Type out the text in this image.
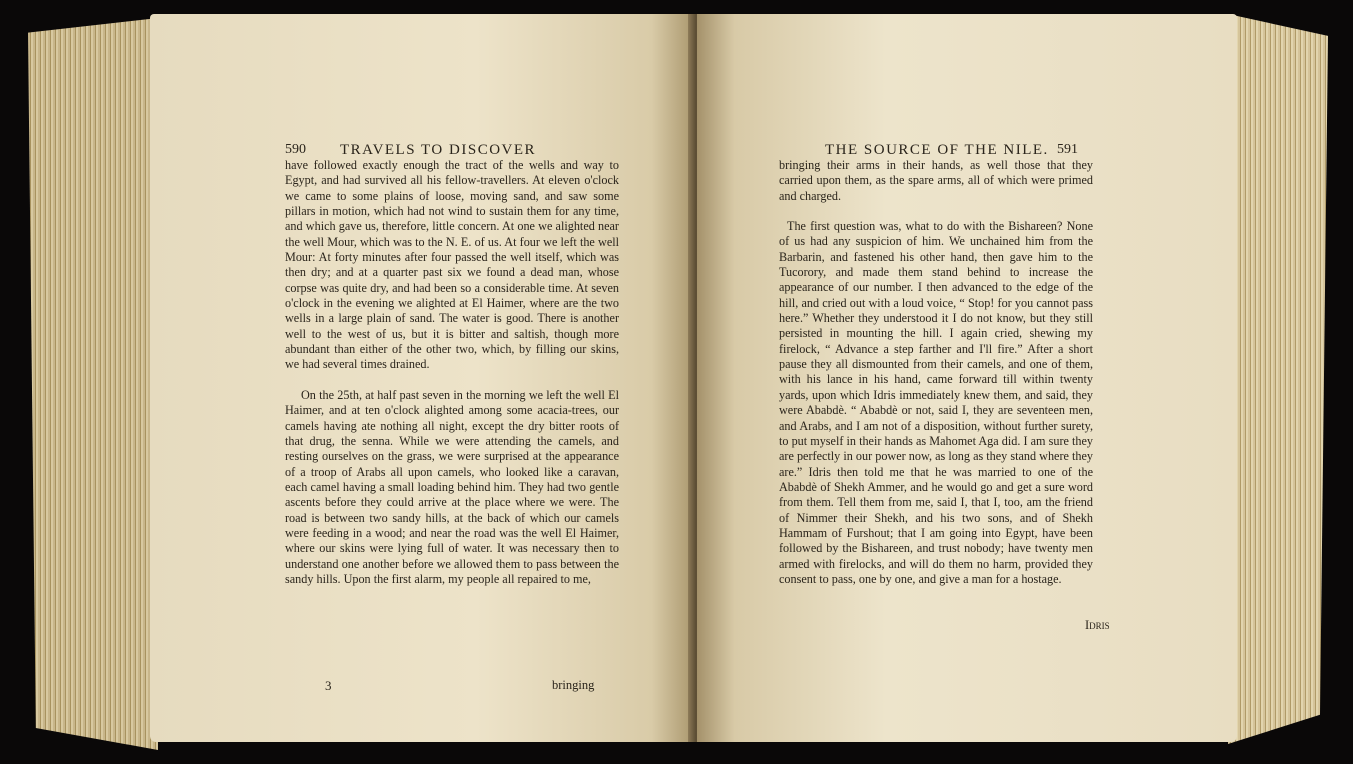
590 TRAVELS TO DISCOVER

have followed exactly enough the tract of the wells and way to Egypt, and had survived all his fellow-travellers. At eleven o'clock we came to some plains of loose, moving sand, and saw some pillars in motion, which had not wind to sustain them for any time, and which gave us, therefore, little concern. At one we alighted near the well Mour, which was to the N. E. of us. At four we left the well Mour: At forty minutes after four passed the well itself, which was then dry; and at a quarter past six we found a dead man, whose corpse was quite dry, and had been so a considerable time. At seven o'clock in the evening we alighted at El Haimer, where are the two wells in a large plain of sand. The water is good. There is another well to the west of us, but it is bitter and saltish, though more abundant than either of the other two, which, by filling our skins, we had several times drained.

On the 25th, at half past seven in the morning we left the well El Haimer, and at ten o'clock alighted among some acacia-trees, our camels having ate nothing all night, except the dry bitter roots of that drug, the senna. While we were attending the camels, and resting ourselves on the grass, we were surprised at the appearance of a troop of Arabs all upon camels, who looked like a caravan, each camel having a small loading behind him. They had two gentle ascents before they could arrive at the place where we were. The road is between two sandy hills, at the back of which our camels were feeding in a wood; and near the road was the well El Haimer, where our skins were lying full of water. It was necessary then to understand one another before we allowed them to pass between the sandy hills. Upon the first alarm, my people all repaired to me,

3	bringing
THE SOURCE OF THE NILE. 591

bringing their arms in their hands, as well those that they carried upon them, as the spare arms, all of which were primed and charged.

The first question was, what to do with the Bishareen? None of us had any suspicion of him. We unchained him from the Barbarin, and fastened his other hand, then gave him to the Tucorory, and made them stand behind to increase the appearance of our number. I then advanced to the edge of the hill, and cried out with a loud voice, “ Stop! for you cannot pass here.” Whether they understood it I do not know, but they still persisted in mounting the hill. I again cried, shewing my firelock, “ Advance a step farther and I'll fire.” After a short pause they all dismounted from their camels, and one of them, with his lance in his hand, came forward till within twenty yards, upon which Idris immediately knew them, and said, they were Ababdè. “ Ababdè or not, said I, they are seventeen men, and Arabs, and I am not of a disposition, without further surety, to put myself in their hands as Mahomet Aga did. I am sure they are perfectly in our power now, as long as they stand where they are.” Idris then told me that he was married to one of the Ababdè of Shekh Ammer, and he would go and get a sure word from them. Tell them from me, said I, that I, too, am the friend of Nimmer their Shekh, and his two sons, and of Shekh Hammam of Furshout; that I am going into Egypt, have been followed by the Bishareen, and trust nobody; have twenty men armed with firelocks, and will do them no harm, provided they consent to pass, one by one, and give a man for a hostage.

Idris
